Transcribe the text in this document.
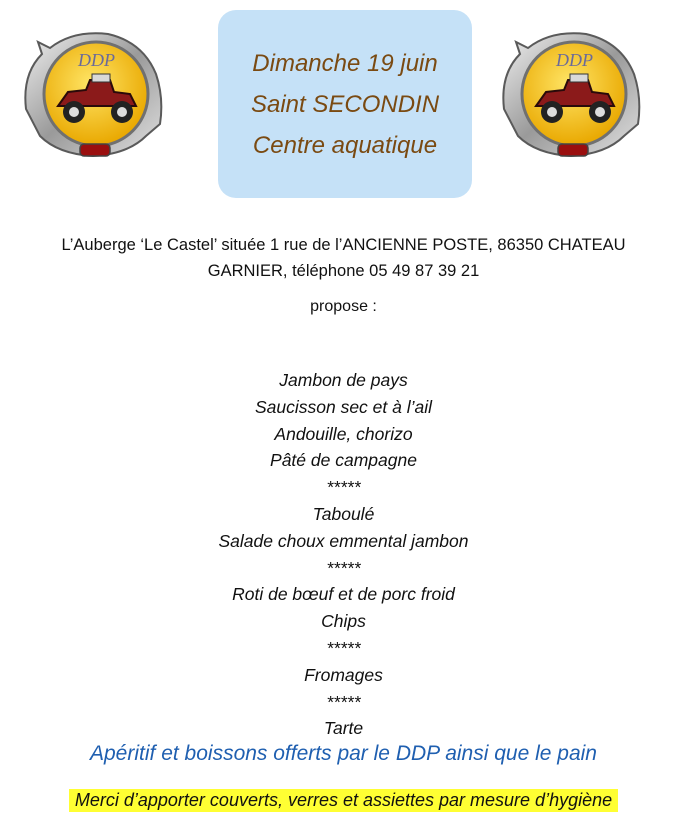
DDP	DDP
Dimanche 19 juin
Saint SECONDIN
Centre aquatique
L’Auberge ‘Le Castel’ située 1 rue de l’ANCIENNE POSTE, 86350 CHATEAU
GARNIER, téléphone 05 49 87 39 21
propose :
Jambon de pays
Saucisson sec et à l’ail
Andouille, chorizo
Pâté de campagne
*****
Taboulé
Salade choux emmental jambon
*****
Roti de bœuf et de porc froid
Chips
*****
Fromages
*****
Tarte
Apéritif et boissons offerts par le DDP ainsi que le pain
Merci d’apporter couverts, verres et assiettes par mesure d’hygiène
